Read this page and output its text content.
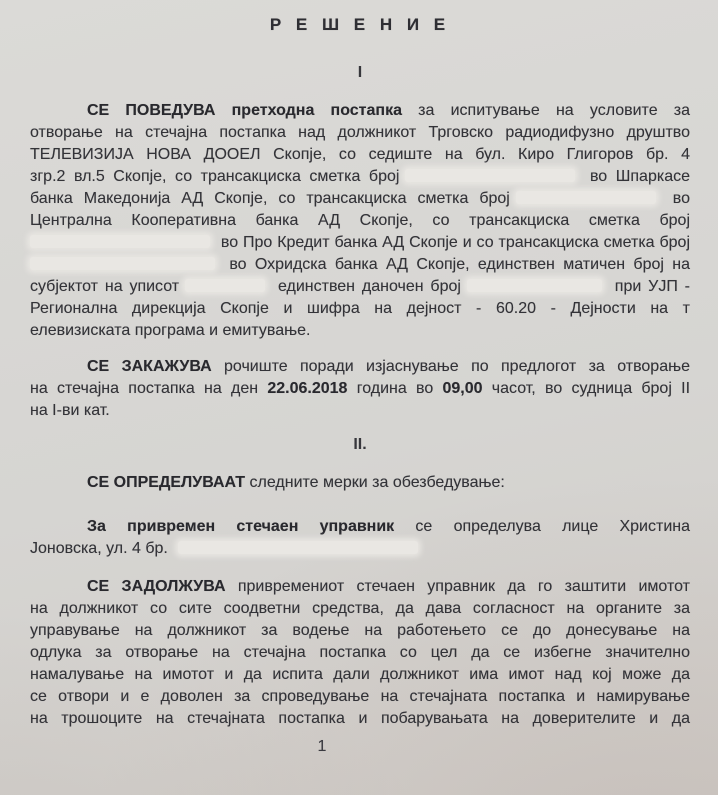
Р Е Ш Е Н И Е
I
СЕ ПОВЕДУВА претходна постапка за испитување на условите за
отворање на стечајна постапка над должникот Трговско радиодифузно друштво
ТЕЛЕВИЗИЈА НОВА ДООЕЛ Скопје, со седиште на бул. Киро Глигоров бр. 4
згр.2 вл.5 Скопје, со трансакциска сметка број	во Шпаркасе
банка Македонија АД Скопје, со трансакциска сметка број	во
Централна Кооперативна банка АД Скопје, со трансакциска сметка број
во Про Кредит банка АД Скопје и со трансакциска сметка број
во Охридска банка АД Скопје, единствен матичен број на
субјектот на уписот	единствен даночен број	при УЈП -
Регионална дирекција Скопје и шифра на дејност - 60.20 - Дејности на т
елевизиската програма и емитување.
СЕ ЗАКАЖУВА рочиште поради изјаснување по предлогот за отворање
на стечајна постапка на ден 22.06.2018 година во 09,00 часот, во судница број II
на I-ви кат.
II.
СЕ ОПРЕДЕЛУВААТ следните мерки за обезбедување:
За привремен стечаен управник се определува лице Христина
Јоновска, ул. 4 бр.
СЕ ЗАДОЛЖУВА привремениот стечаен управник да го заштити имотот
на должникот со сите соодветни средства, да дава согласност на органите за
управување на должникот за водење на работењето се до донесување на
одлука за отворање на стечајна постапка со цел да се избегне значително
намалување на имотот и да испита дали должникот има имот над кој може да
се отвори и е доволен за спроведување на стечајната постапка и намирување
на трошоците на стечајната постапка и побарувањата на доверителите и да
1
